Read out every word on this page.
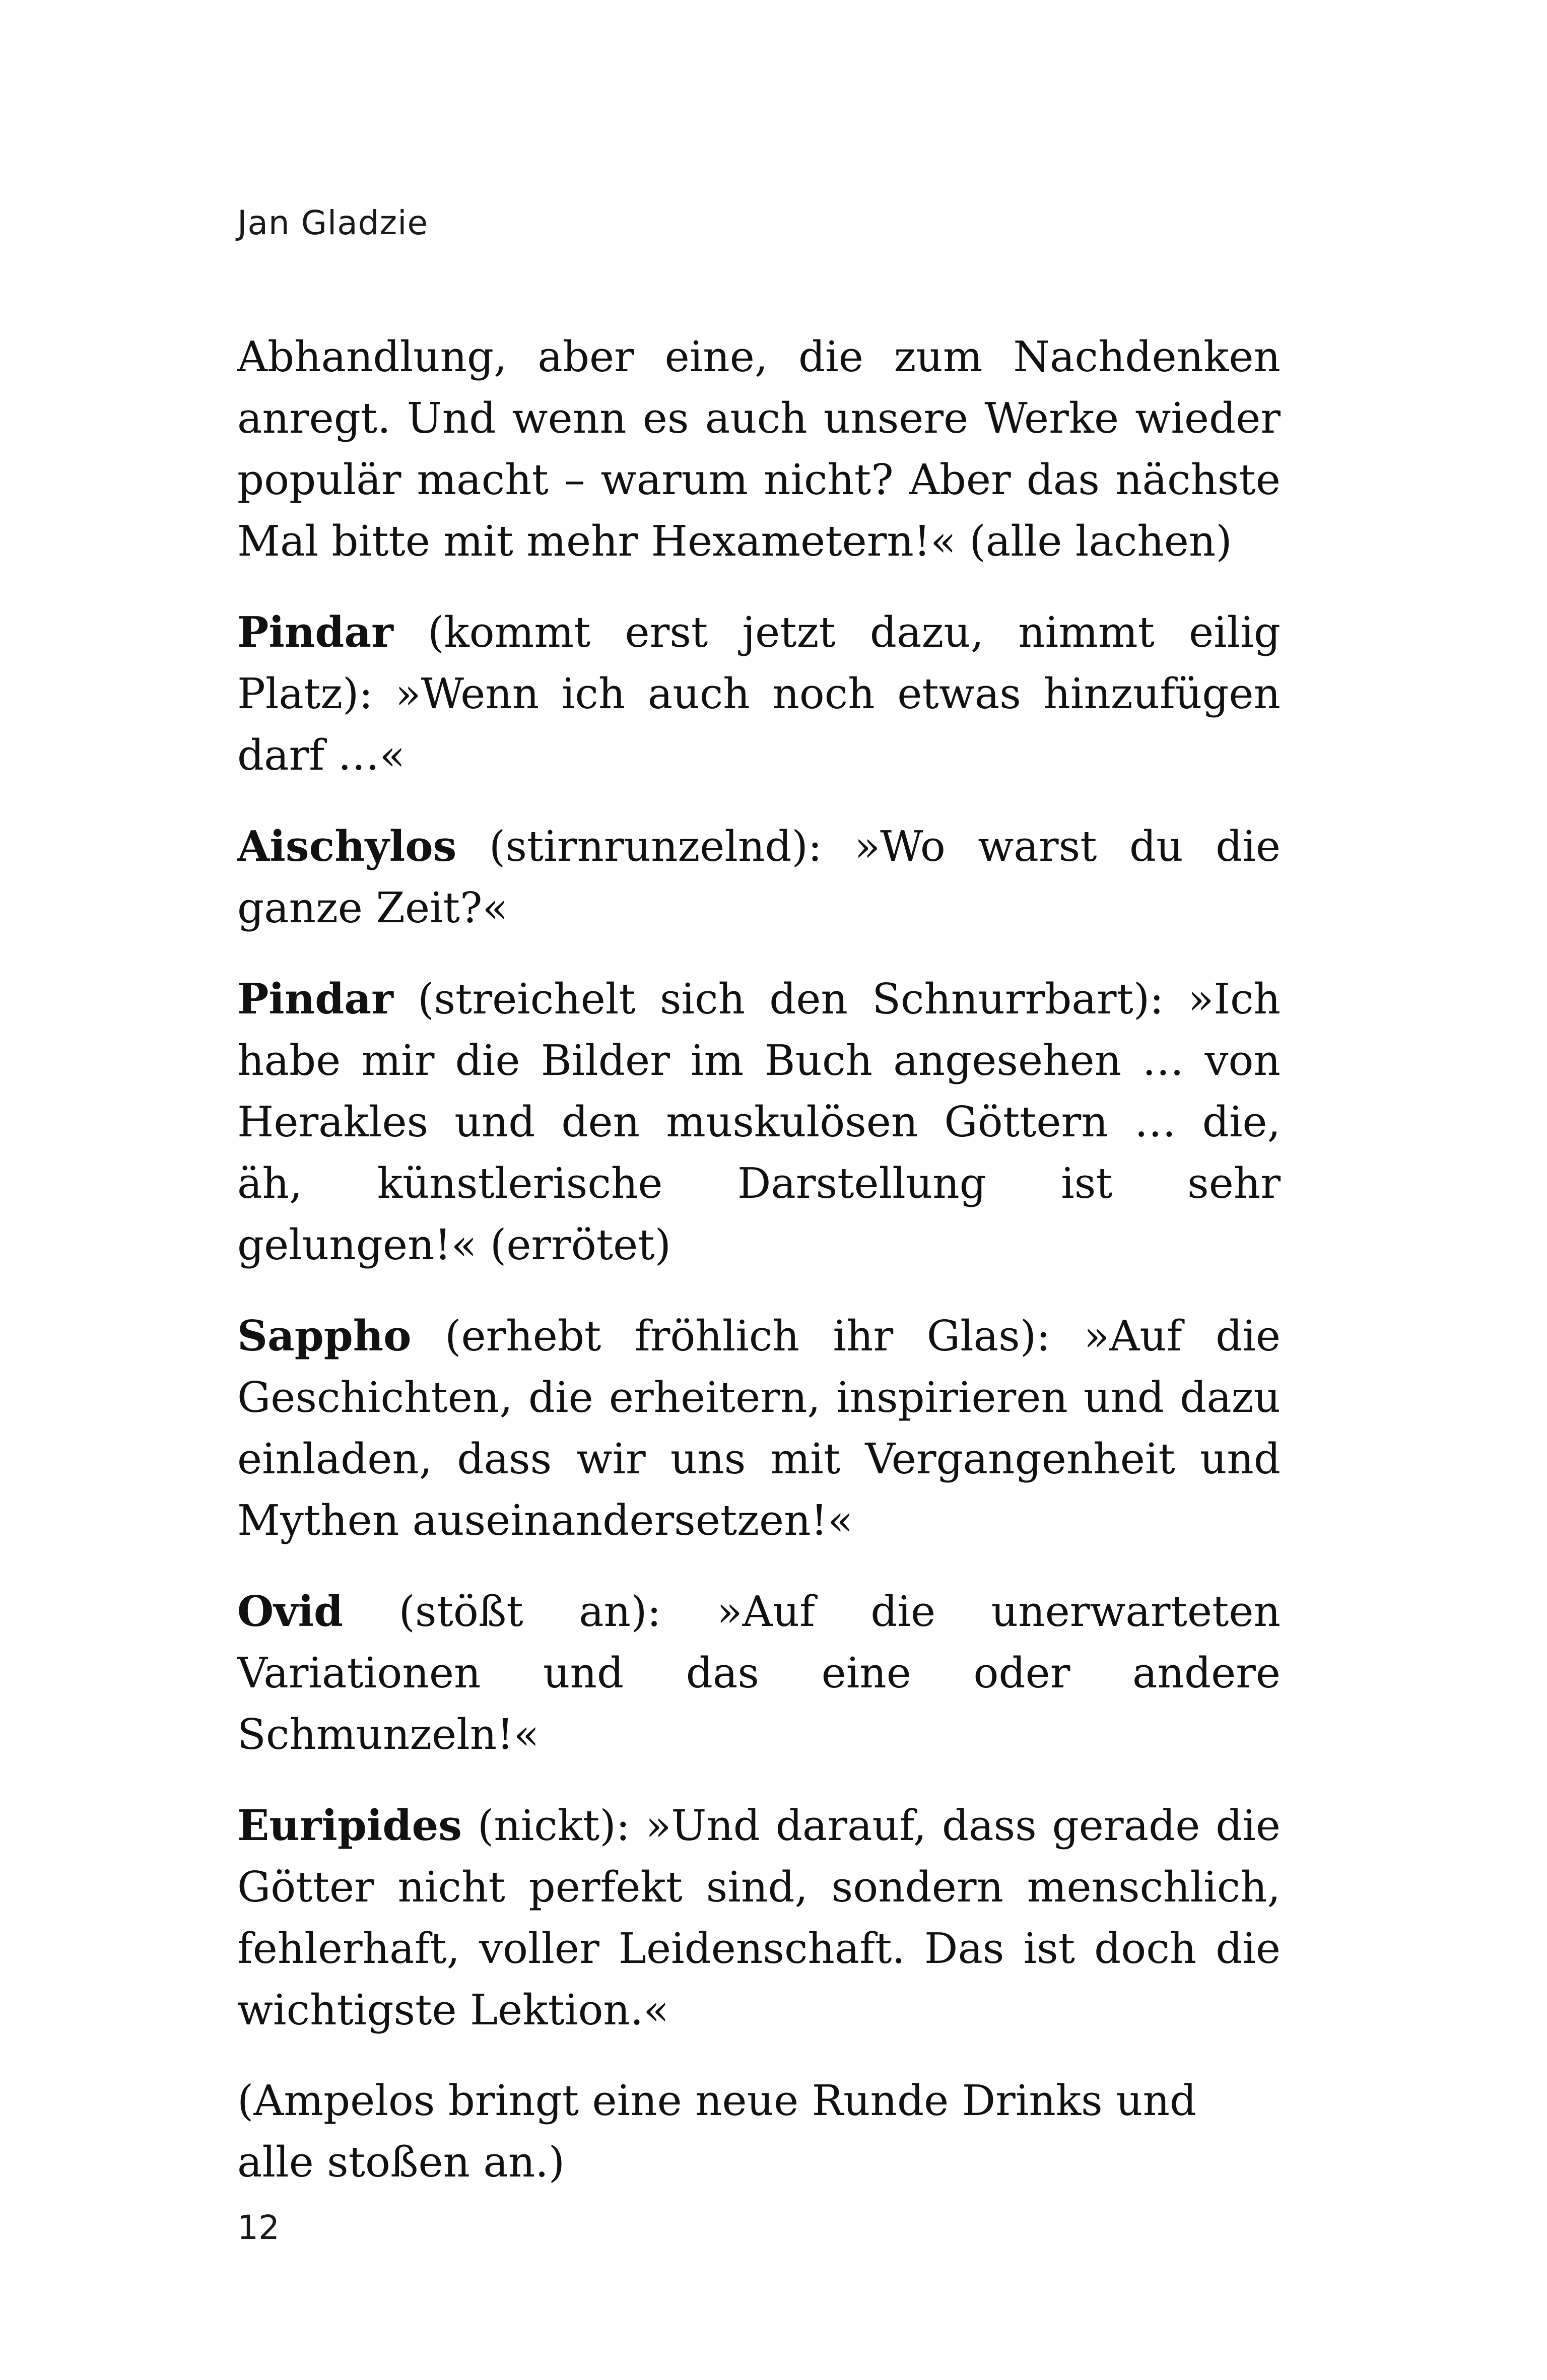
Jan Gladzie

Abhandlung, aber eine, die zum Nachdenken anregt. Und wenn es auch unsere Werke wieder populär macht – warum nicht? Aber das nächste Mal bitte mit mehr Hexametern!« (alle lachen)

Pindar (kommt erst jetzt dazu, nimmt eilig Platz): »Wenn ich auch noch etwas hinzufügen darf …«

Aischylos (stirnrunzelnd): »Wo warst du die ganze Zeit?«

Pindar (streichelt sich den Schnurrbart): »Ich habe mir die Bilder im Buch angesehen … von Herakles und den muskulösen Göttern … die, äh, künstlerische Darstellung ist sehr gelungen!« (errötet)

Sappho (erhebt fröhlich ihr Glas): »Auf die Geschichten, die erheitern, inspirieren und dazu einladen, dass wir uns mit Vergangenheit und Mythen auseinandersetzen!«

Ovid (stößt an): »Auf die unerwarteten Variationen und das eine oder andere Schmunzeln!«

Euripides (nickt): »Und darauf, dass gerade die Götter nicht perfekt sind, sondern menschlich, fehlerhaft, voller Leidenschaft. Das ist doch die wichtigste Lektion.«

(Ampelos bringt eine neue Runde Drinks und alle stoßen an.)

12
